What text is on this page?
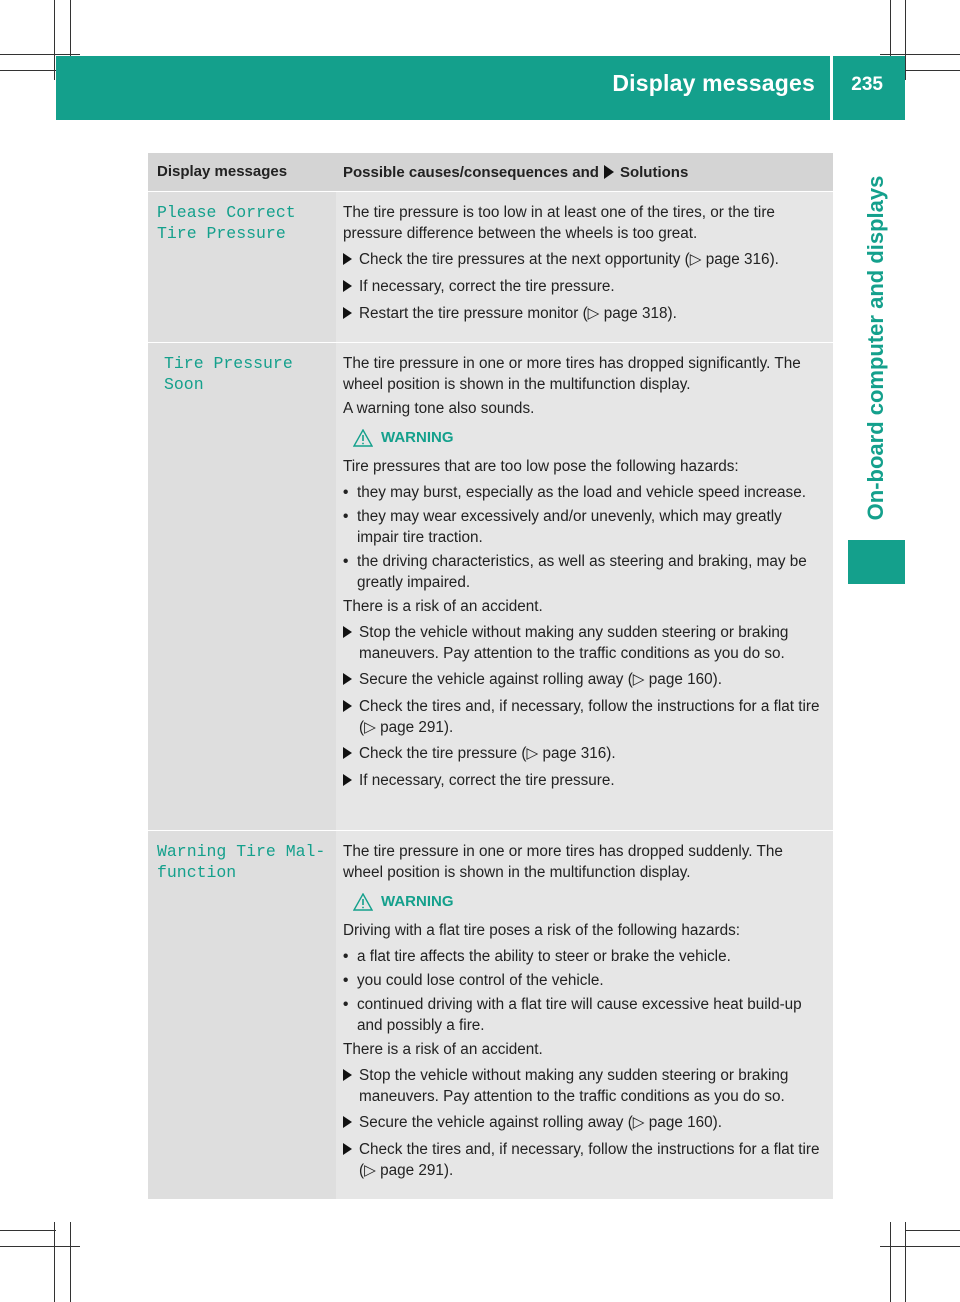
Display messages 235
On-board computer and displays
Display messages	Possible causes/consequences and Solutions
Please Correct
Tire Pressure

The tire pressure is too low in at least one of the tires, or the tire pressure difference between the wheels is too great.

Check the tire pressures at the next opportunity (▷ page 316).
If necessary, correct the tire pressure.
Restart the tire pressure monitor (▷ page 318).
Tire Pressure Soon

The tire pressure in one or more tires has dropped significantly. The wheel position is shown in the multifunction display.

A warning tone also sounds.

WARNING

Tire pressures that are too low pose the following hazards:

• they may burst, especially as the load and vehicle speed increase.
• they may wear excessively and/or unevenly, which may greatly impair tire traction.
• the driving characteristics, as well as steering and braking, may be greatly impaired.

There is a risk of an accident.

Stop the vehicle without making any sudden steering or braking maneuvers. Pay attention to the traffic conditions as you do so.
Secure the vehicle against rolling away (▷ page 160).
Check the tires and, if necessary, follow the instructions for a flat tire (▷ page 291).
Check the tire pressure (▷ page 316).
If necessary, correct the tire pressure.
Warning Tire Mal-
function

The tire pressure in one or more tires has dropped suddenly. The wheel position is shown in the multifunction display.

WARNING

Driving with a flat tire poses a risk of the following hazards:

• a flat tire affects the ability to steer or brake the vehicle.
• you could lose control of the vehicle.
• continued driving with a flat tire will cause excessive heat build-up and possibly a fire.

There is a risk of an accident.

Stop the vehicle without making any sudden steering or braking maneuvers. Pay attention to the traffic conditions as you do so.
Secure the vehicle against rolling away (▷ page 160).
Check the tires and, if necessary, follow the instructions for a flat tire (▷ page 291).
